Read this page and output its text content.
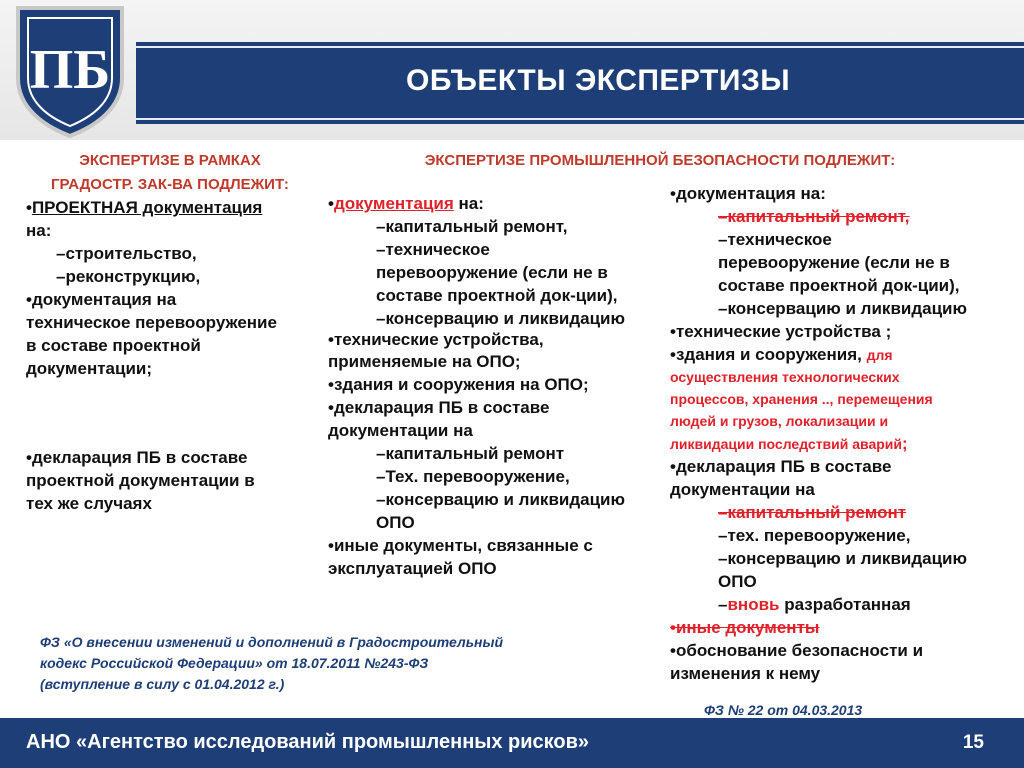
ПБ	ОБЪЕКТЫ ЭКСПЕРТИЗЫ
ЭКСПЕРТИЗЕ В РАМКАХ
ГРАДОСТР. ЗАК-ВА ПОДЛЕЖИТ:
•ПРОЕКТНАЯ документация
на:
–строительство,
–реконструкцию,
•документация на
техническое перевооружение
в составе проектной
документации;
•декларация ПБ в составе
проектной документации в
тех же случаях
ЭКСПЕРТИЗЕ ПРОМЫШЛЕННОЙ БЕЗОПАСНОСТИ ПОДЛЕЖИТ:
•документация на:
–капитальный ремонт,
–техническое
перевооружение (если не в
составе проектной док-ции),
–консервацию и ликвидацию
•технические устройства,
применяемые на ОПО;
•здания и сооружения на ОПО;
•декларация ПБ в составе
документации на
–капитальный ремонт
–Тех. перевооружение,
–консервацию и ликвидацию
ОПО
•иные документы, связанные с
эксплуатацией ОПО
•документация на:
–капитальный ремонт,
–техническое
перевооружение (если не в
составе проектной док-ции),
–консервацию и ликвидацию
•технические устройства ;
•здания и сооружения, для
осуществления технологических
процессов, хранения .., перемещения
людей и грузов, локализации и
ликвидации последствий аварий;
•декларация ПБ в составе
документации на
–капитальный ремонт
–тех. перевооружение,
–консервацию и ликвидацию
ОПО
–вновь разработанная
•иные документы
•обоснование безопасности и
изменения к нему
ФЗ «О внесении изменений и дополнений в Градостроительный
кодекс Российской Федерации» от 18.07.2011 №243-ФЗ
(вступление в силу с 01.04.2012 г.)
ФЗ № 22 от 04.03.2013
АНО «Агентство исследований промышленных рисков»	15
